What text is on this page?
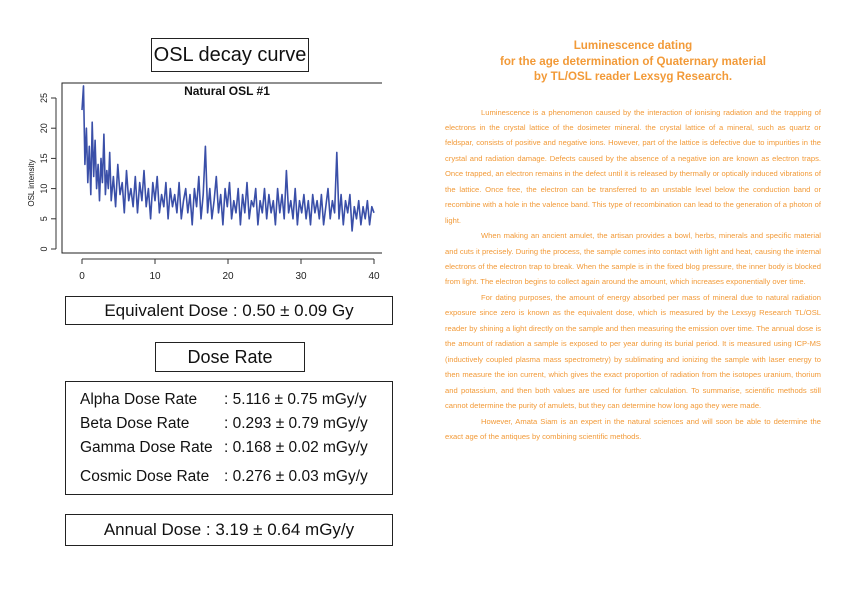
OSL decay curve
Natural OSL #1
OSL intensity
0	10	20	30	40
0
5
10
15
20
25
Equivalent Dose : 0.50 ± 0.09 Gy
Dose Rate
Alpha Dose Rate : 5.116 ± 0.75 mGy/y
Beta Dose Rate : 0.293 ± 0.79 mGy/y
Gamma Dose Rate : 0.168 ± 0.02 mGy/y
Cosmic Dose Rate : 0.276 ± 0.03 mGy/y
Annual Dose : 3.19 ± 0.64 mGy/y
Luminescence dating
for the age determination of Quaternary material
by TL/OSL reader Lexsyg Research.

Luminescence is a phenomenon caused by the interaction of ionising radiation and the trapping of electrons in the crystal lattice of the dosimeter mineral. the crystal lattice of a mineral, such as quartz or feldspar, consists of positive and negative ions. However, part of the lattice is defective due to impurities in the crystal and radiation damage. Defects caused by the absence of a negative ion are known as electron traps. Once trapped, an electron remains in the defect until it is released by thermally or optically induced vibrations of the lattice. Once free, the electron can be transferred to an unstable level below the conduction band or recombine with a hole in the valence band. This type of recombination can lead to the generation of a photon of light.

When making an ancient amulet, the artisan provides a bowl, herbs, minerals and specific material and cuts it precisely. During the process, the sample comes into contact with light and heat, causing the internal electrons of the electron trap to break. When the sample is in the fixed blog pressure, the inner body is blocked from light. The electron begins to collect again around the amount, which increases exponentially over time.

For dating purposes, the amount of energy absorbed per mass of mineral due to natural radiation exposure since zero is known as the equivalent dose, which is measured by the Lexsyg Research TL/OSL reader by shining a light directly on the sample and then measuring the emission over time. The annual dose is the amount of radiation a sample is exposed to per year during its burial period. It is measured using ICP-MS (inductively coupled plasma mass spectrometry) by sublimating and ionizing the sample with laser energy to then measure the ion current, which gives the exact proportion of radiation from the isotopes uranium, thorium and potassium, and then both values are used for further calculation. To summarise, scientific methods still cannot determine the purity of amulets, but they can determine how long ago they were made.

However, Amata Siam is an expert in the natural sciences and will soon be able to determine the exact age of the antiques by combining scientific methods.
